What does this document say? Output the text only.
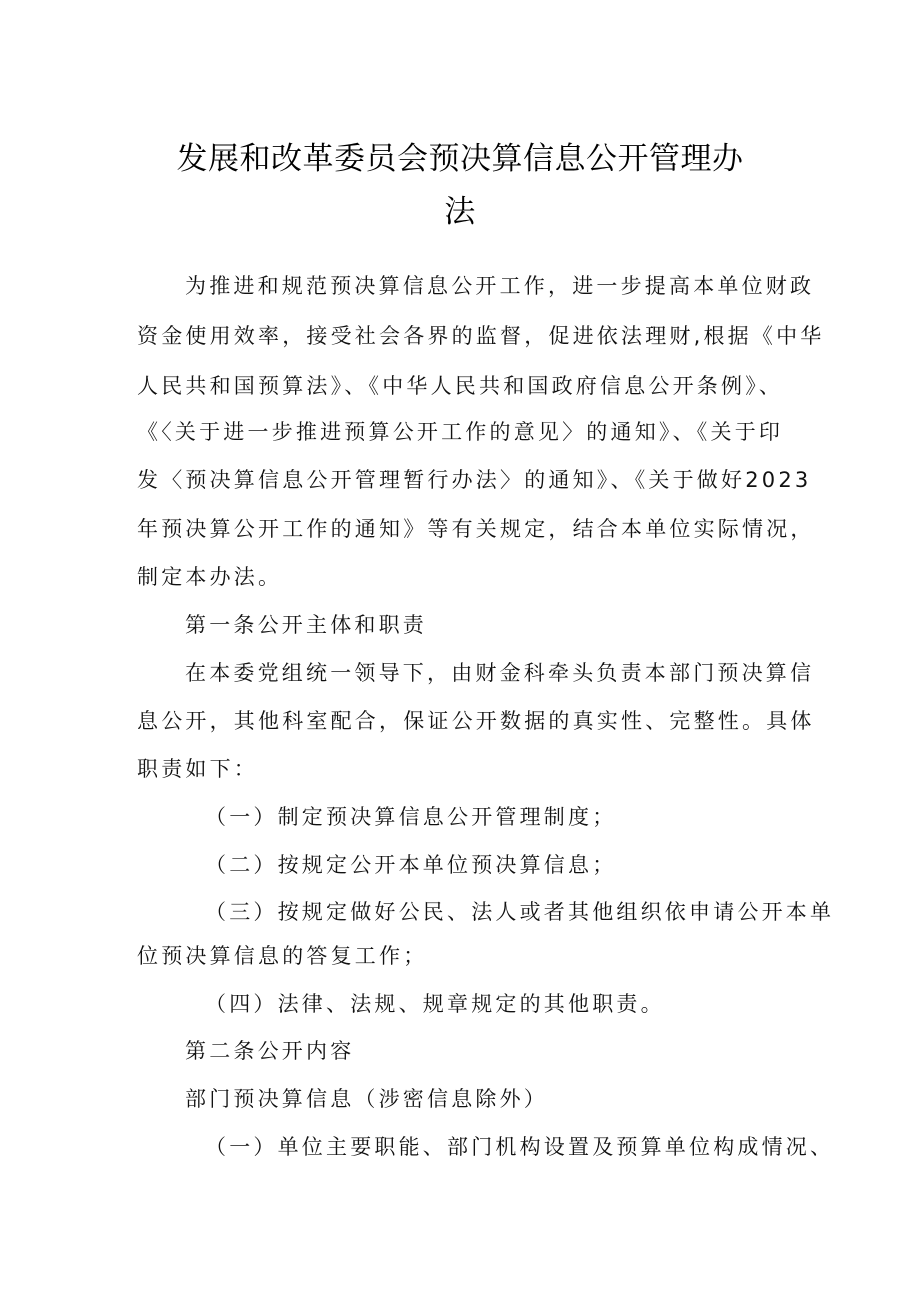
发展和改革委员会预决算信息公开管理办
法
为推进和规范预决算信息公开工作，进一步提高本单位财政
资金使用效率，接受社会各界的监督，促进依法理财,根据《中华
人民共和国预算法》、《中华人民共和国政府信息公开条例》、
《〈关于进一步推进预算公开工作的意见〉的通知》、《关于印
发〈预决算信息公开管理暂行办法〉的通知》、《关于做好2023
年预决算公开工作的通知》等有关规定，结合本单位实际情况，
制定本办法。
第一条公开主体和职责
在本委党组统一领导下，由财金科牵头负责本部门预决算信
息公开，其他科室配合，保证公开数据的真实性、完整性。具体
职责如下：
（一）制定预决算信息公开管理制度；
（二）按规定公开本单位预决算信息；
（三）按规定做好公民、法人或者其他组织依申请公开本单
位预决算信息的答复工作；
（四）法律、法规、规章规定的其他职责。
第二条公开内容
部门预决算信息（涉密信息除外）
（一）单位主要职能、部门机构设置及预算单位构成情况、
